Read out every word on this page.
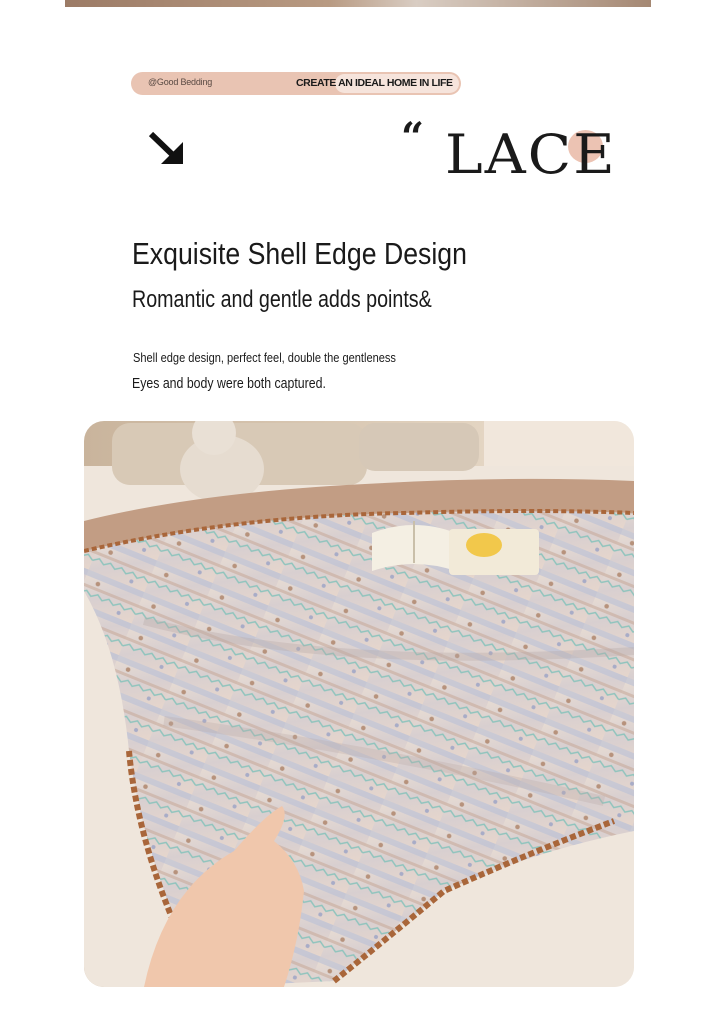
@Good Bedding	CREATE AN IDEAL HOME IN LIFE
“ LACE
Exquisite Shell Edge Design
Romantic and gentle adds points&
Shell edge design, perfect feel, double the gentleness
Eyes and body were both captured.
